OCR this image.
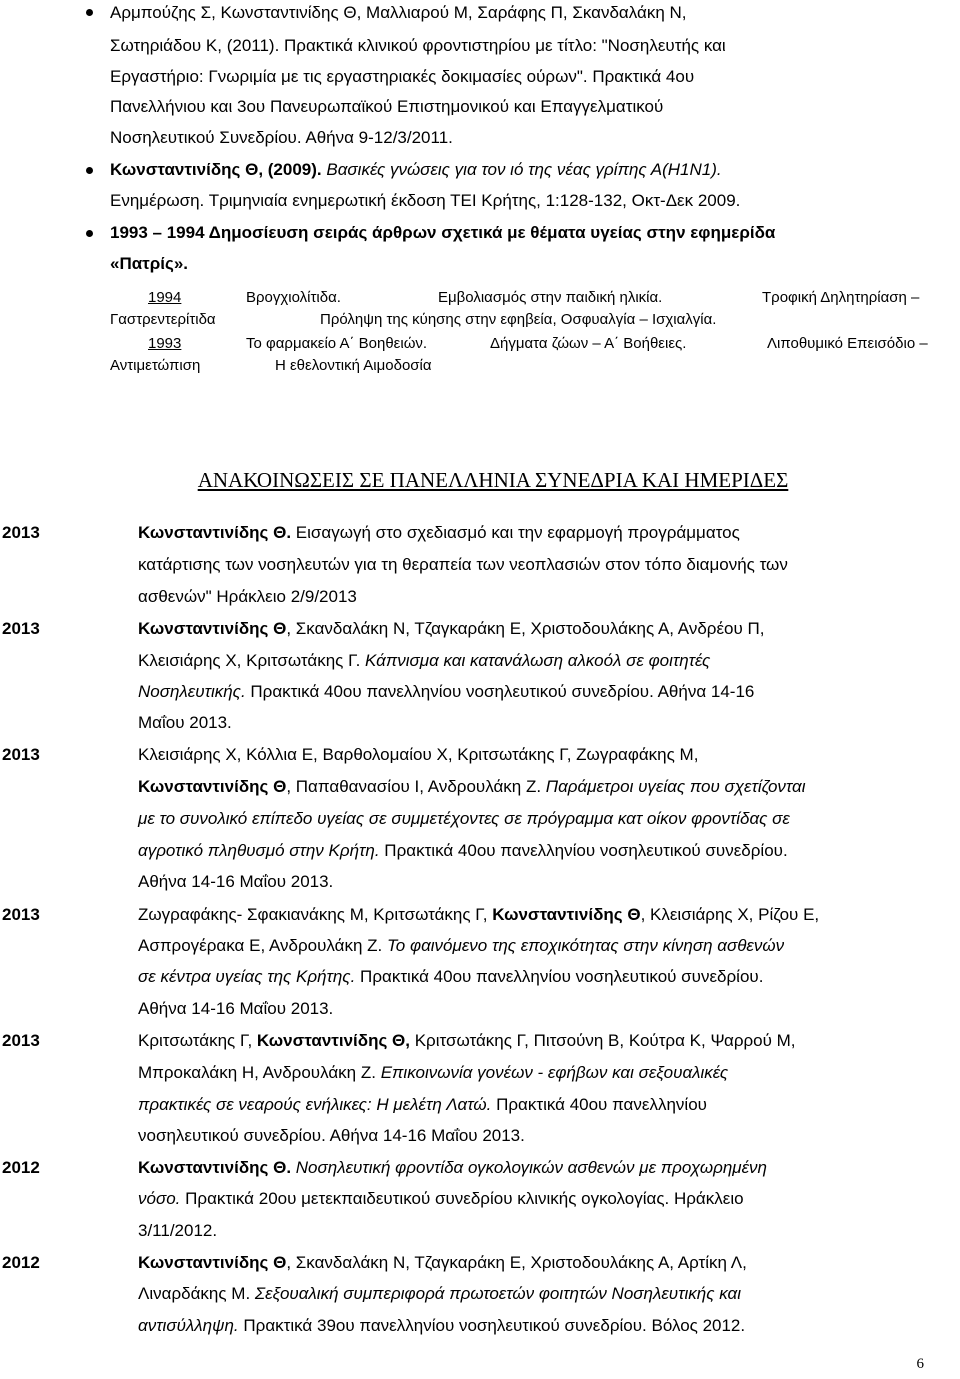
Αρμπούζης Σ, Κωνσταντινίδης Θ, Μαλλιαρού Μ, Σαράφης Π, Σκανδαλάκη Ν,
Σωτηριάδου Κ, (2011). Πρακτικά κλινικού φροντιστηρίου με τίτλο: "Νοσηλευτής και
Εργαστήριο: Γνωριμία με τις εργαστηριακές δοκιμασίες ούρων". Πρακτικά 4ου
Πανελλήνιου και 3ου Πανευρωπαϊκού Επιστημονικού και Επαγγελματικού
Νοσηλευτικού Συνεδρίου. Αθήνα 9-12/3/2011.
Κωνσταντινίδης Θ, (2009). Βασικές γνώσεις για τον ιό της νέας γρίπης Α(Η1Ν1).
Ενημέρωση. Τριμηνιαία ενημερωτική έκδοση ΤΕΙ Κρήτης, 1:128-132, Οκτ-Δεκ 2009.
1993 – 1994 Δημοσίευση σειράς άρθρων σχετικά με θέματα υγείας στην εφημερίδα
«Πατρίς».
1994	Βρογχιολίτιδα.	Εμβολιασμός στην παιδική ηλικία.	Τροφική Δηλητηρίαση –
Γαστρεντερίτιδα	Πρόληψη της κύησης στην εφηβεία, Οσφυαλγία – Ισχιαλγία.
1993	Το φαρμακείο Α΄ Βοηθειών.	Δήγματα ζώων – Α΄ Βοήθειες.	Λιποθυμικό Επεισόδιο –
Αντιμετώπιση	Η εθελοντική Αιμοδοσία
ΑΝΑΚΟΙΝΩΣΕΙΣ ΣΕ ΠΑΝΕΛΛΗΝΙΑ ΣΥΝΕΔΡΙΑ ΚΑΙ ΗΜΕΡΙΔΕΣ
2013	Κωνσταντινίδης Θ. Εισαγωγή στο σχεδιασμό και την εφαρμογή προγράμματος
κατάρτισης των νοσηλευτών για τη θεραπεία των νεοπλασιών στον τόπο διαμονής των
ασθενών" Ηράκλειο 2/9/2013
2013	Κωνσταντινίδης Θ, Σκανδαλάκη Ν, Τζαγκαράκη Ε, Χριστοδουλάκης Α, Ανδρέου Π,
Κλεισιάρης Χ, Κριτσωτάκης Γ. Κάπνισμα και κατανάλωση αλκοόλ σε φοιτητές
Νοσηλευτικής. Πρακτικά 40ου πανελληνίου νοσηλευτικού συνεδρίου. Αθήνα 14-16
Μαΐου 2013.
2013	Κλεισιάρης Χ, Κόλλια Ε, Βαρθολομαίου Χ, Κριτσωτάκης Γ, Ζωγραφάκης Μ,
Κωνσταντινίδης Θ, Παπαθανασίου Ι, Ανδρουλάκη Ζ. Παράμετροι υγείας που σχετίζονται
με το συνολικό επίπεδο υγείας σε συμμετέχοντες σε πρόγραμμα κατ οίκον φροντίδας σε
αγροτικό πληθυσμό στην Κρήτη. Πρακτικά 40ου πανελληνίου νοσηλευτικού συνεδρίου.
Αθήνα 14-16 Μαΐου 2013.
2013	Ζωγραφάκης- Σφακιανάκης Μ, Κριτσωτάκης Γ, Κωνσταντινίδης Θ, Κλεισιάρης Χ, Ρίζου Ε,
Ασπρογέρακα Ε, Ανδρουλάκη Ζ. Το φαινόμενο της εποχικότητας στην κίνηση ασθενών
σε κέντρα υγείας της Κρήτης. Πρακτικά 40ου πανελληνίου νοσηλευτικού συνεδρίου.
Αθήνα 14-16 Μαΐου 2013.
2013	Κριτσωτάκης Γ, Κωνσταντινίδης Θ, Κριτσωτάκης Γ, Πιτσούνη Β, Κούτρα Κ, Ψαρρού Μ,
Μπροκαλάκη Η, Ανδρουλάκη Ζ. Επικοινωνία γονέων - εφήβων και σεξουαλικές
πρακτικές σε νεαρούς ενήλικες: Η μελέτη Λατώ. Πρακτικά 40ου πανελληνίου
νοσηλευτικού συνεδρίου. Αθήνα 14-16 Μαΐου 2013.
2012	Κωνσταντινίδης Θ. Νοσηλευτική φροντίδα ογκολογικών ασθενών με προχωρημένη
νόσο. Πρακτικά 20ου μετεκπαιδευτικού συνεδρίου κλινικής ογκολογίας. Ηράκλειο
3/11/2012.
2012	Κωνσταντινίδης Θ, Σκανδαλάκη Ν, Τζαγκαράκη Ε, Χριστοδουλάκης Α, Αρτίκη Λ,
Λιναρδάκης Μ. Σεξουαλική συμπεριφορά πρωτοετών φοιτητών Νοσηλευτικής και
αντισύλληψη. Πρακτικά 39ου πανελληνίου νοσηλευτικού συνεδρίου. Βόλος 2012.
6
